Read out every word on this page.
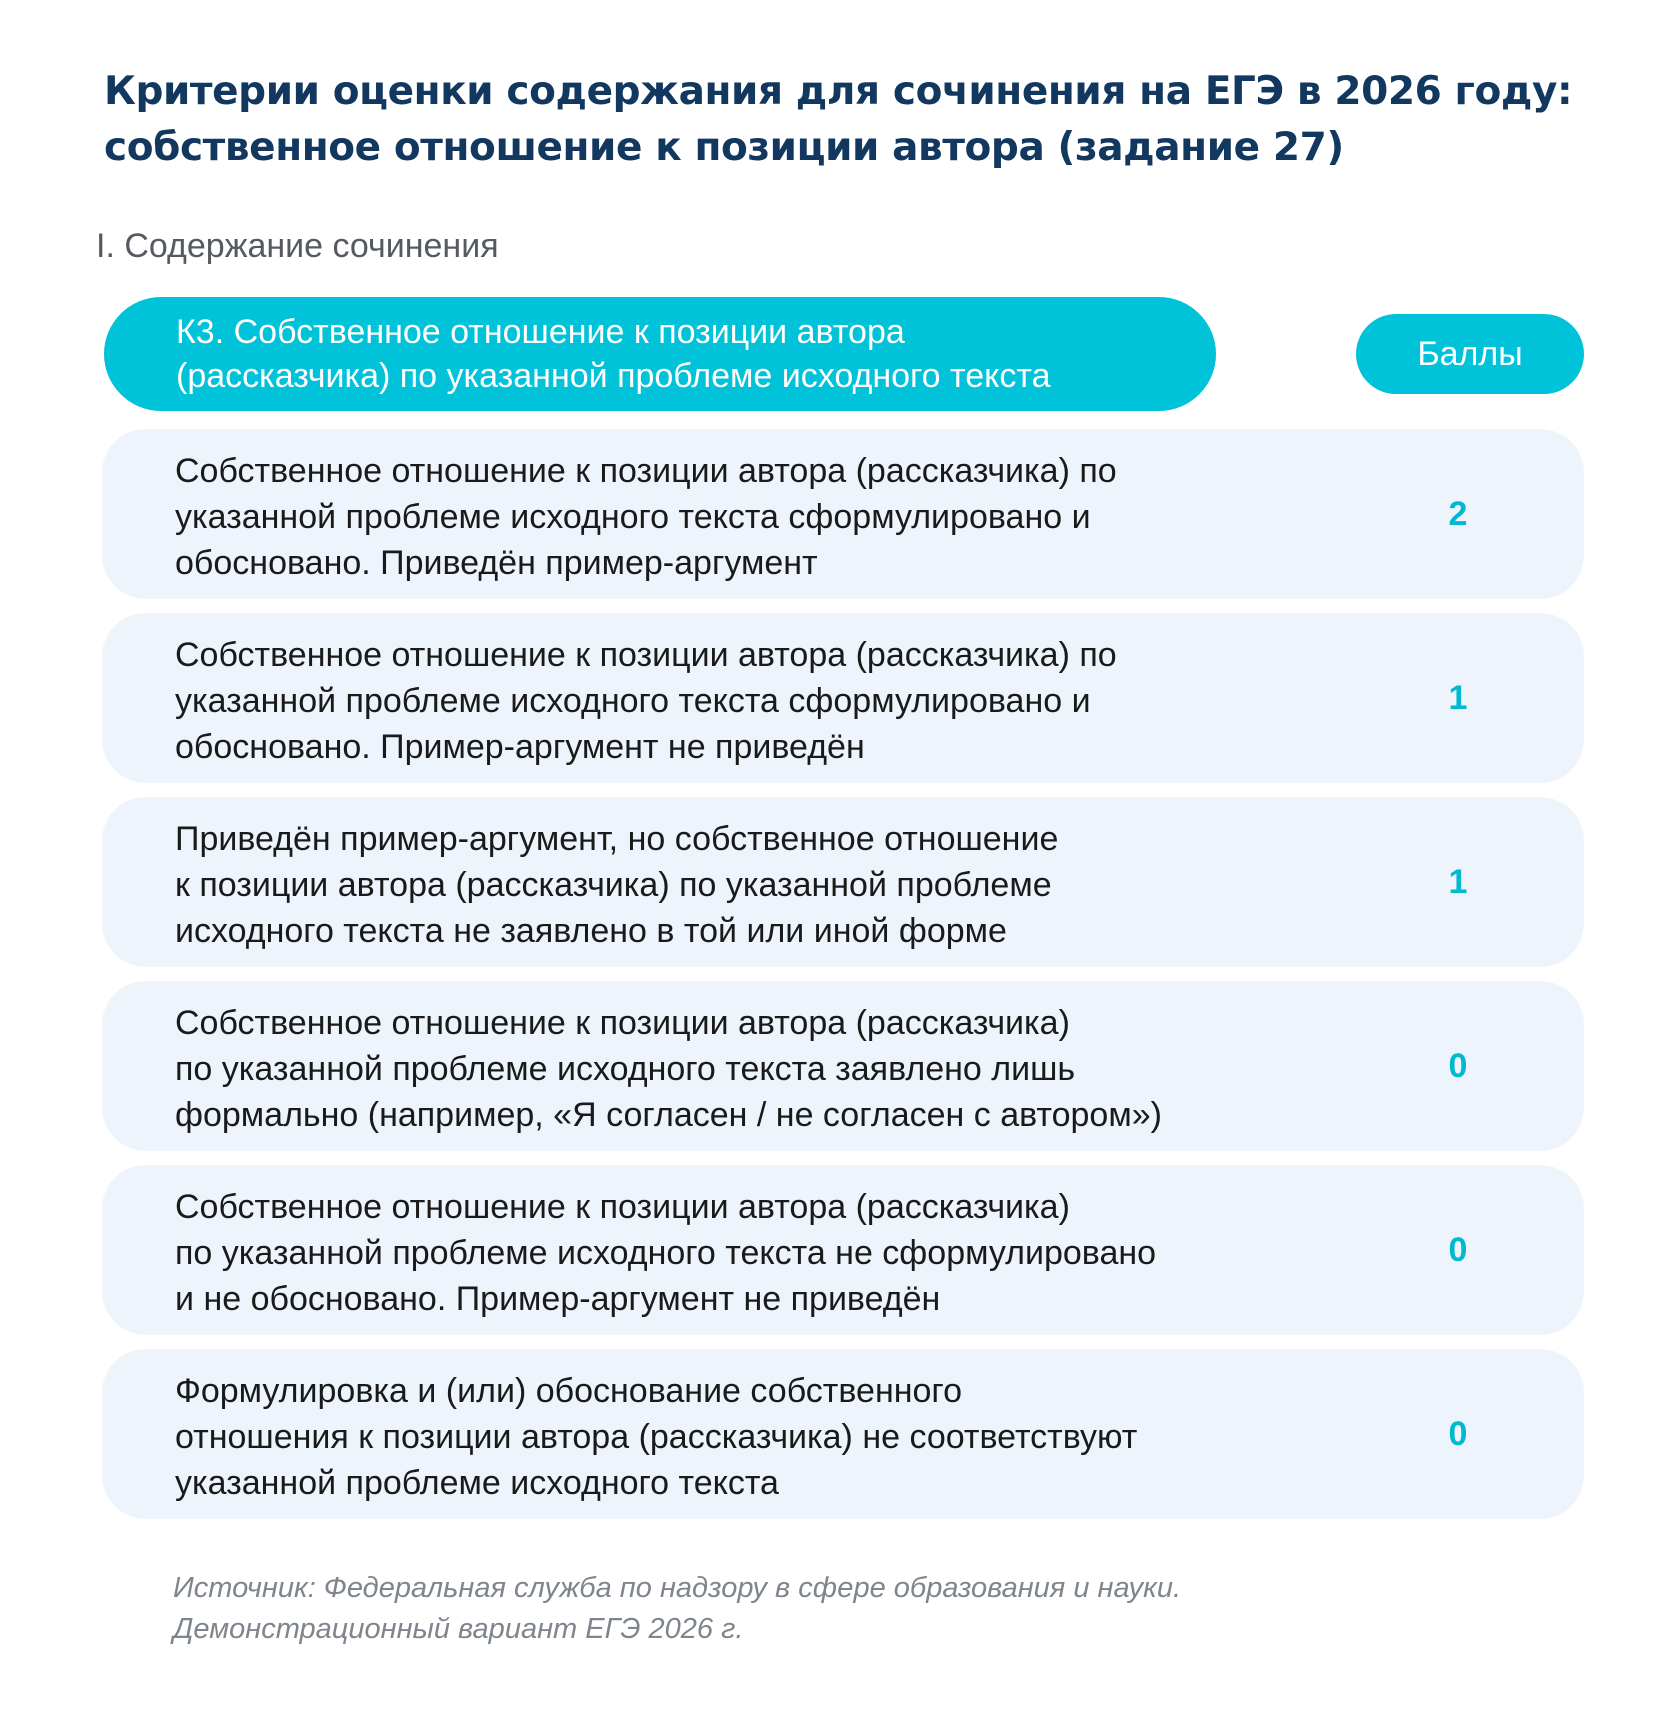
Критерии оценки содержания для сочинения на ЕГЭ в 2026 году:
собственное отношение к позиции автора (задание 27)
I. Содержание сочинения
К3. Собственное отношение к позиции автора
(рассказчика) по указанной проблеме исходного текста
Баллы
Собственное отношение к позиции автора (рассказчика) по
указанной проблеме исходного текста сформулировано и
обосновано. Приведён пример-аргумент
2
Собственное отношение к позиции автора (рассказчика) по
указанной проблеме исходного текста сформулировано и
обосновано. Пример-аргумент не приведён
1
Приведён пример-аргумент, но собственное отношение
к позиции автора (рассказчика) по указанной проблеме
исходного текста не заявлено в той или иной форме
1
Собственное отношение к позиции автора (рассказчика)
по указанной проблеме исходного текста заявлено лишь
формально (например, «Я согласен / не согласен с автором»)
0
Собственное отношение к позиции автора (рассказчика)
по указанной проблеме исходного текста не сформулировано
и не обосновано. Пример-аргумент не приведён
0
Формулировка и (или) обоснование собственного
отношения к позиции автора (рассказчика) не соответствуют
указанной проблеме исходного текста
0
Источник: Федеральная служба по надзору в сфере образования и науки.
Демонстрационный вариант ЕГЭ 2026 г.
